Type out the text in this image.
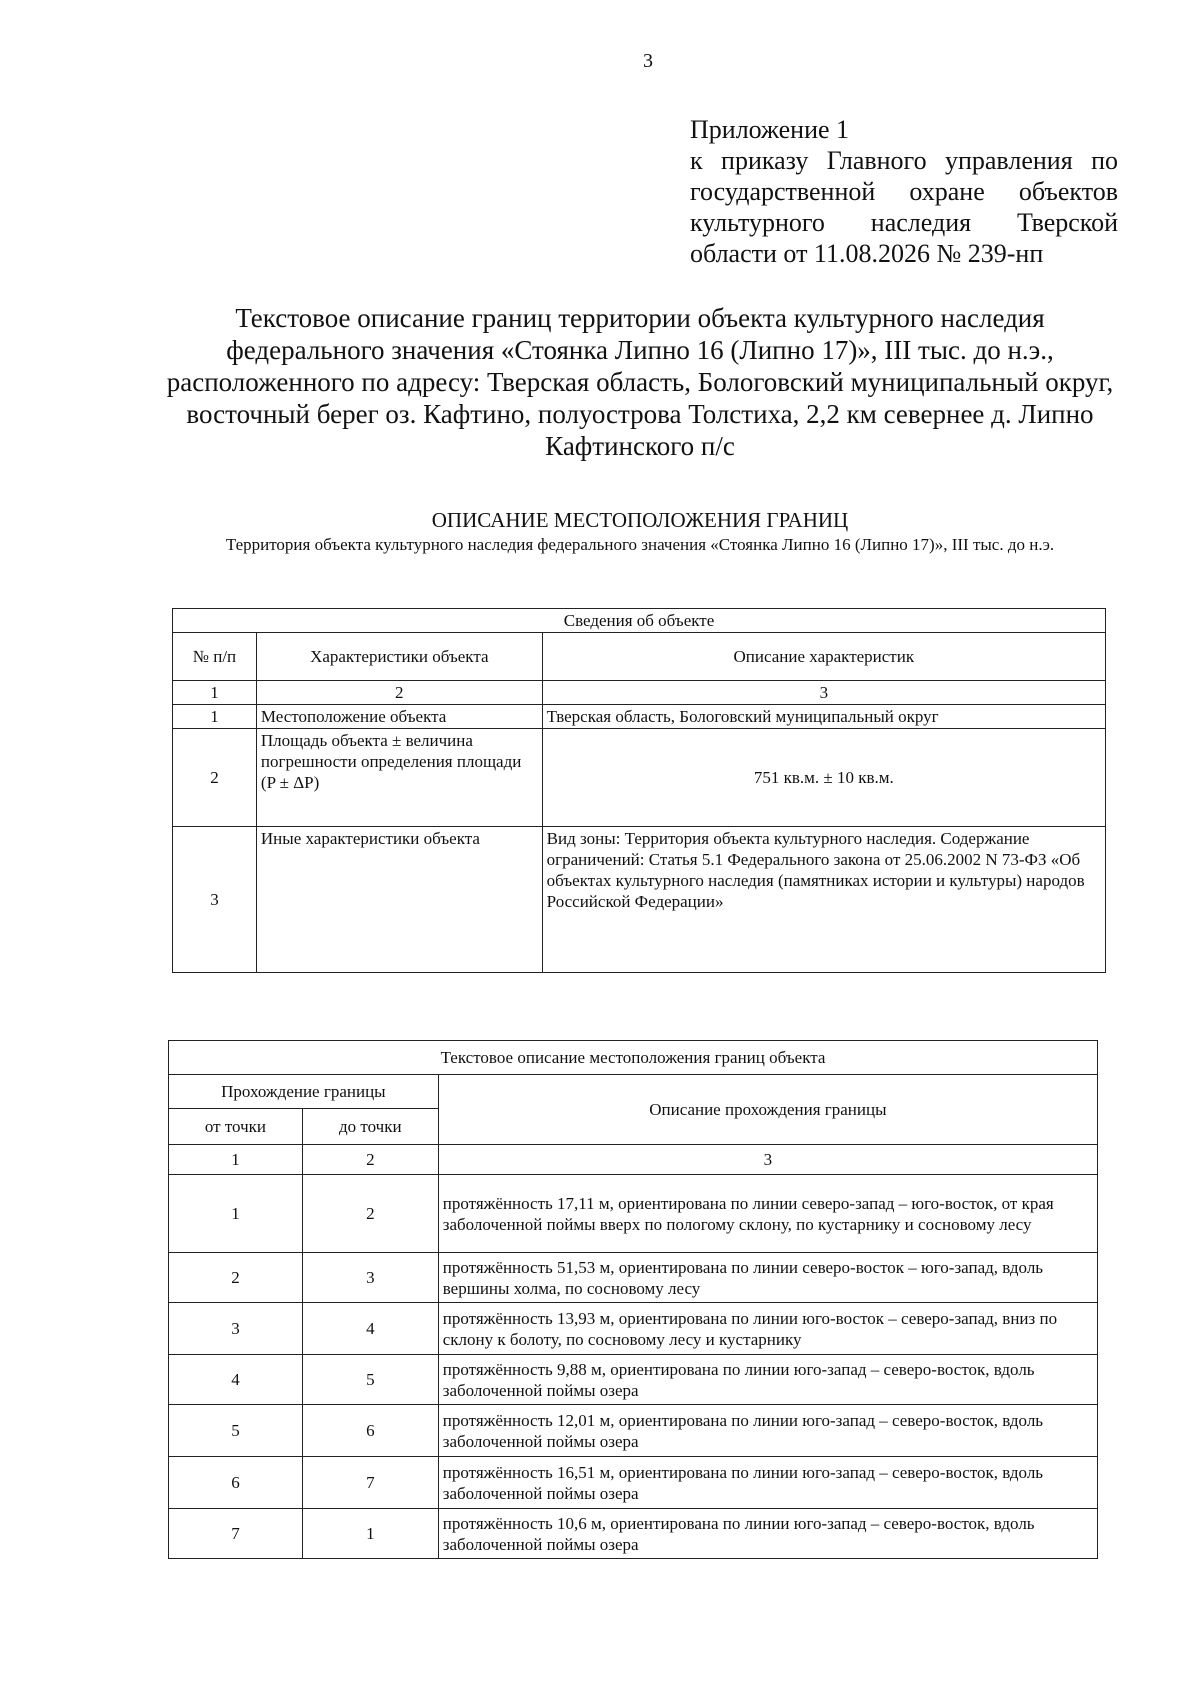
3
Приложение 1
к приказу Главного управления по государственной охране объектов культурного наследия Тверской области от 11.08.2026 № 239-нп
Текстовое описание границ территории объекта культурного наследия федерального значения «Стоянка Липно 16 (Липно 17)», III тыс. до н.э., расположенного по адресу: Тверская область, Бологовский муниципальный округ, восточный берег оз. Кафтино, полуострова Толстиха, 2,2 км севернее д. Липно Кафтинского п/с
ОПИСАНИЕ МЕСТОПОЛОЖЕНИЯ ГРАНИЦ
Территория объекта культурного наследия федерального значения «Стоянка Липно 16 (Липно 17)», III тыс. до н.э.
Сведения об объекте		
№ п/п	Характеристики объекта	Описание характеристик
1	2	3
1	Местоположение объекта	Тверская область, Бологовский муниципальный округ
2	Площадь объекта ± величина погрешности определения площади (P ± ΔP)	751 кв.м. ± 10 кв.м.
3	Иные характеристики объекта	Вид зоны: Территория объекта культурного наследия. Содержание ограничений: Статья 5.1 Федерального закона от 25.06.2002 N 73-ФЗ «Об объектах культурного наследия (памятниках истории и культуры) народов Российской Федерации»
Текстовое описание местоположения границ объекта		
Прохождение границы		Описание прохождения границы
от точки	до точки	
1	2	3
1	2	протяжённость 17,11 м, ориентирована по линии северо-запад – юго-восток, от края заболоченной поймы вверх по пологому склону, по кустарнику и сосновому лесу
2	3	протяжённость 51,53 м, ориентирована по линии северо-восток – юго-запад, вдоль вершины холма, по сосновому лесу
3	4	протяжённость 13,93 м, ориентирована по линии юго-восток – северо-запад, вниз по склону к болоту, по сосновому лесу и кустарнику
4	5	протяжённость 9,88 м, ориентирована по линии юго-запад – северо-восток, вдоль заболоченной поймы озера
5	6	протяжённость 12,01 м, ориентирована по линии юго-запад – северо-восток, вдоль заболоченной поймы озера
6	7	протяжённость 16,51 м, ориентирована по линии юго-запад – северо-восток, вдоль заболоченной поймы озера
7	1	протяжённость 10,6 м, ориентирована по линии юго-запад – северо-восток, вдоль заболоченной поймы озера
